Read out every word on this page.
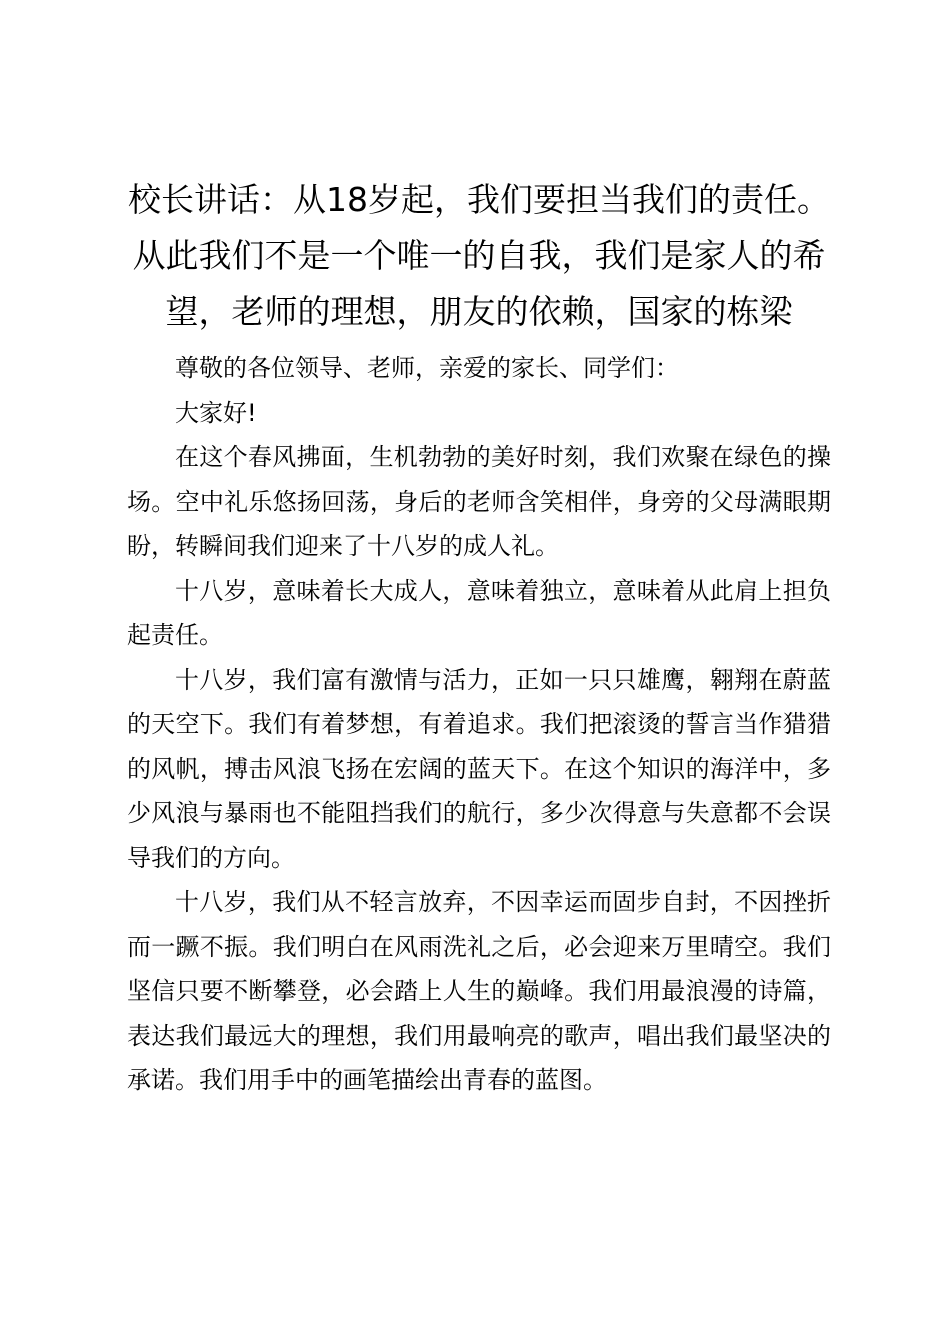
校长讲话：从18岁起，我们要担当我们的责任。从此我们不是一个唯一的自我，我们是家人的希望，老师的理想，朋友的依赖，国家的栋梁

尊敬的各位领导、老师，亲爱的家长、同学们：

大家好!

在这个春风拂面，生机勃勃的美好时刻，我们欢聚在绿色的操场。空中礼乐悠扬回荡，身后的老师含笑相伴，身旁的父母满眼期盼，转瞬间我们迎来了十八岁的成人礼。

十八岁，意味着长大成人，意味着独立，意味着从此肩上担负起责任。

十八岁，我们富有激情与活力，正如一只只雄鹰，翱翔在蔚蓝的天空下。我们有着梦想，有着追求。我们把滚烫的誓言当作猎猎的风帆，搏击风浪飞扬在宏阔的蓝天下。在这个知识的海洋中，多少风浪与暴雨也不能阻挡我们的航行，多少次得意与失意都不会误导我们的方向。

十八岁，我们从不轻言放弃，不因幸运而固步自封，不因挫折而一蹶不振。我们明白在风雨洗礼之后，必会迎来万里晴空。我们坚信只要不断攀登，必会踏上人生的巅峰。我们用最浪漫的诗篇，表达我们最远大的理想，我们用最响亮的歌声，唱出我们最坚决的承诺。我们用手中的画笔描绘出青春的蓝图。
